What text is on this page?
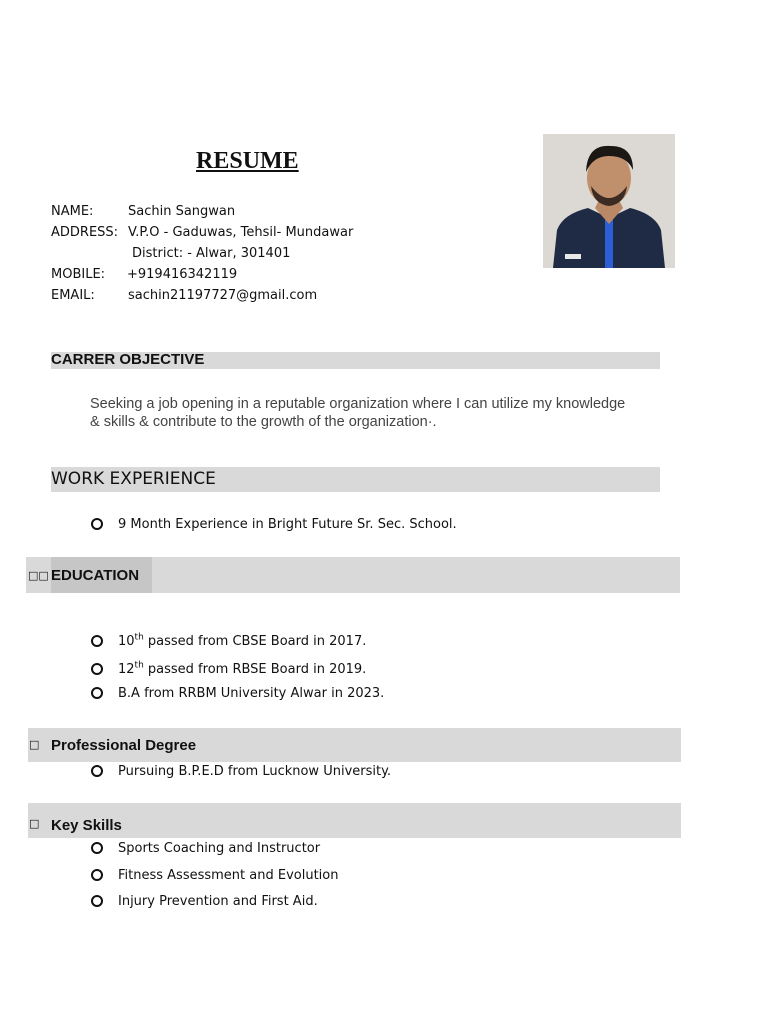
RESUME
NAME:	Sachin Sangwan
ADDRESS: V.P.O - Gaduwas, Tehsil- Mundawar
District: - Alwar, 301401
MOBILE: +919416342119
EMAIL:	sachin21197727@gmail.com
CARRER OBJECTIVE
Seeking a job opening in a reputable organization where I can utilize my knowledge
& skills & contribute to the growth of the organization·.
WORK EXPERIENCE
9 Month Experience in Bright Future Sr. Sec. School.
□□ EDUCATION
10th passed from CBSE Board in 2017.
12th passed from RBSE Board in 2019.
B.A from RRBM University Alwar in 2023.
□ Professional Degree
Pursuing B.P.E.D from Lucknow University.
□ Key Skills
Sports Coaching and Instructor
Fitness Assessment and Evolution
Injury Prevention and First Aid.
